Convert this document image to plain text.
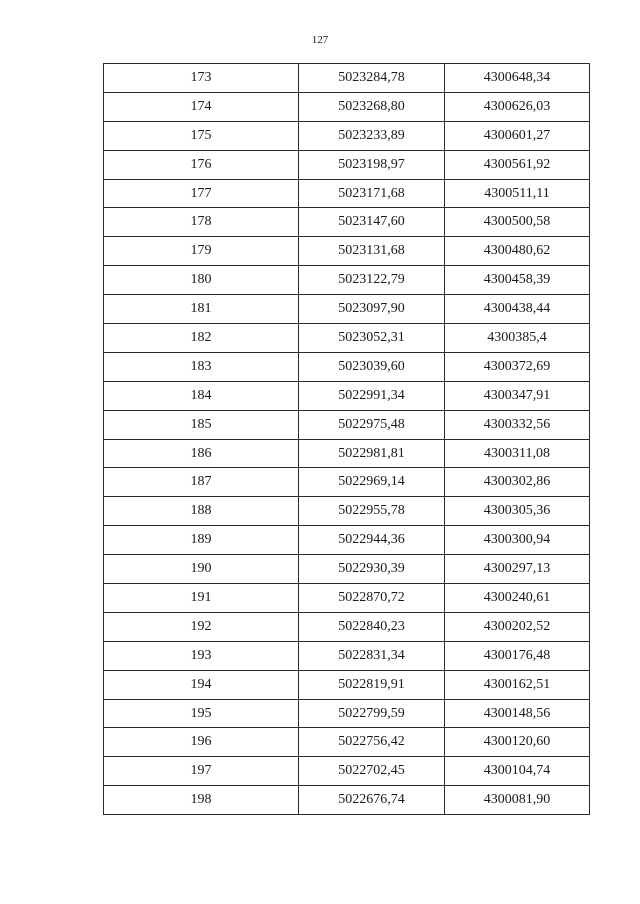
127
173	5023284,78	4300648,34
174	5023268,80	4300626,03
175	5023233,89	4300601,27
176	5023198,97	4300561,92
177	5023171,68	4300511,11
178	5023147,60	4300500,58
179	5023131,68	4300480,62
180	5023122,79	4300458,39
181	5023097,90	4300438,44
182	5023052,31	4300385,4
183	5023039,60	4300372,69
184	5022991,34	4300347,91
185	5022975,48	4300332,56
186	5022981,81	4300311,08
187	5022969,14	4300302,86
188	5022955,78	4300305,36
189	5022944,36	4300300,94
190	5022930,39	4300297,13
191	5022870,72	4300240,61
192	5022840,23	4300202,52
193	5022831,34	4300176,48
194	5022819,91	4300162,51
195	5022799,59	4300148,56
196	5022756,42	4300120,60
197	5022702,45	4300104,74
198	5022676,74	4300081,90
